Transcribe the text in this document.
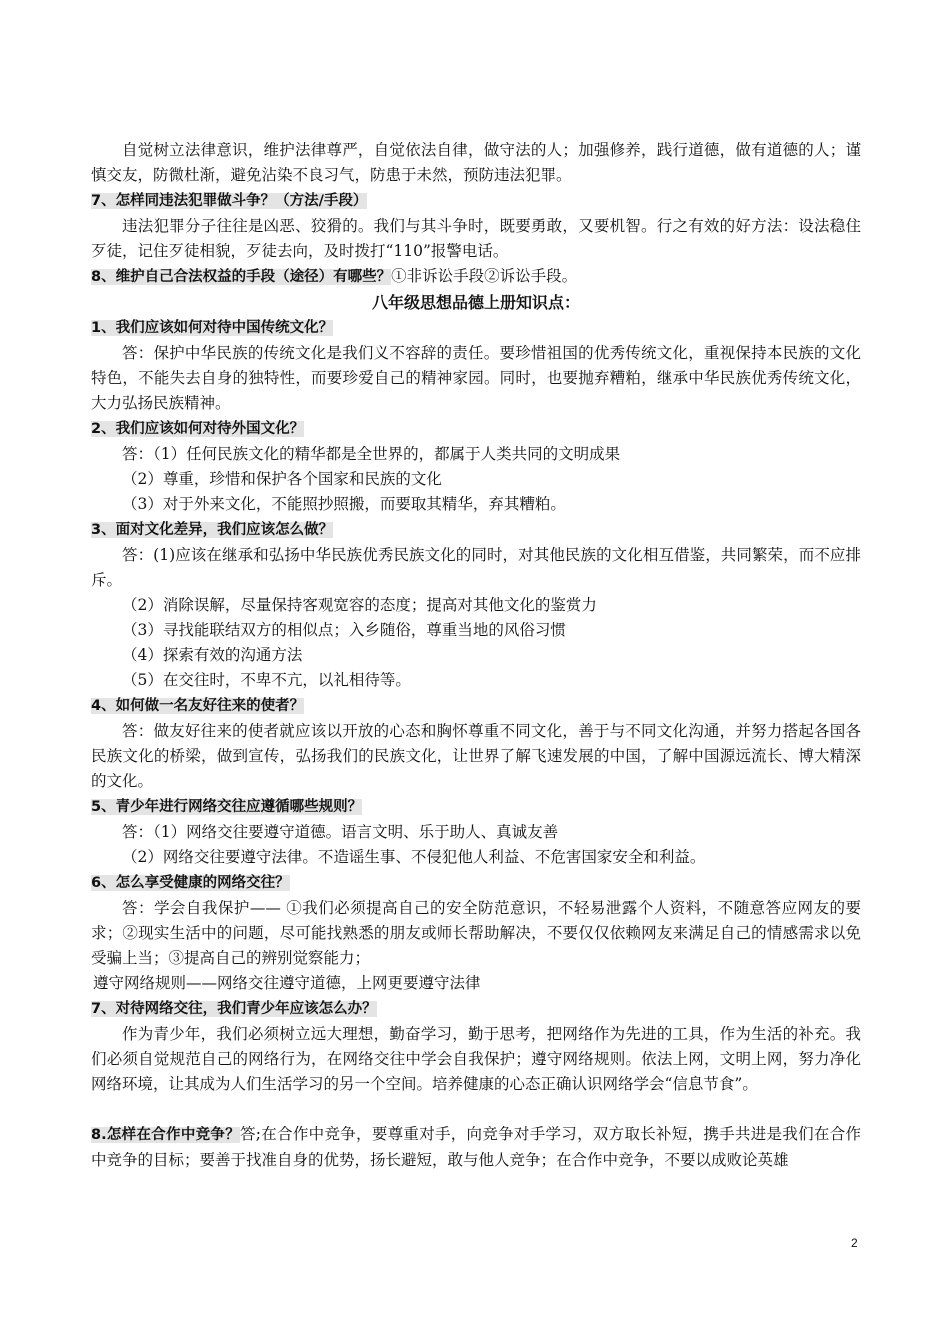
自觉树立法律意识，维护法律尊严，自觉依法自律，做守法的人；加强修养，践行道德，做有道德的人；谨慎交友，防微杜渐，避免沾染不良习气，防患于未然，预防违法犯罪。

7、怎样同违法犯罪做斗争？（方法/手段）

违法犯罪分子往往是凶恶、狡猾的。我们与其斗争时，既要勇敢，又要机智。行之有效的好方法：设法稳住歹徒，记住歹徒相貌，歹徒去向，及时拨打“110”报警电话。

8、维护自己合法权益的手段（途径）有哪些？①非诉讼手段②诉讼手段。

八年级思想品德上册知识点：

1、我们应该如何对待中国传统文化？

答：保护中华民族的传统文化是我们义不容辞的责任。要珍惜祖国的优秀传统文化，重视保持本民族的文化特色，不能失去自身的独特性，而要珍爱自己的精神家园。同时，也要抛弃糟粕，继承中华民族优秀传统文化，大力弘扬民族精神。

2、我们应该如何对待外国文化？

答：（1）任何民族文化的精华都是全世界的，都属于人类共同的文明成果

（2）尊重，珍惜和保护各个国家和民族的文化

（3）对于外来文化，不能照抄照搬，而要取其精华，弃其糟粕。

3、面对文化差异，我们应该怎么做？

答：(1)应该在继承和弘扬中华民族优秀民族文化的同时，对其他民族的文化相互借鉴，共同繁荣，而不应排斥。

（2）消除误解，尽量保持客观宽容的态度；提高对其他文化的鉴赏力

（3）寻找能联结双方的相似点；入乡随俗，尊重当地的风俗习惯

（4）探索有效的沟通方法

（5）在交往时，不卑不亢，以礼相待等。

4、如何做一名友好往来的使者？

答：做友好往来的使者就应该以开放的心态和胸怀尊重不同文化，善于与不同文化沟通，并努力搭起各国各民族文化的桥梁，做到宣传，弘扬我们的民族文化，让世界了解飞速发展的中国，了解中国源远流长、博大精深的文化。

5、青少年进行网络交往应遵循哪些规则？

答：（1）网络交往要遵守道德。语言文明、乐于助人、真诚友善

（2）网络交往要遵守法律。不造谣生事、不侵犯他人利益、不危害国家安全和利益。

6、怎么享受健康的网络交往？

答：学会自我保护—— ①我们必须提高自己的安全防范意识，不轻易泄露个人资料，不随意答应网友的要求；②现实生活中的问题，尽可能找熟悉的朋友或师长帮助解决，不要仅仅依赖网友来满足自己的情感需求以免受骗上当；③提高自己的辨别觉察能力；

遵守网络规则——网络交往遵守道德，上网更要遵守法律

7、对待网络交往，我们青少年应该怎么办？

作为青少年，我们必须树立远大理想，勤奋学习，勤于思考，把网络作为先进的工具，作为生活的补充。我们必须自觉规范自己的网络行为，在网络交往中学会自我保护；遵守网络规则。依法上网，文明上网，努力净化网络环境，让其成为人们生活学习的另一个空间。培养健康的心态正确认识网络学会“信息节食”。

8.怎样在合作中竞争？答;在合作中竞争，要尊重对手，向竞争对手学习，双方取长补短，携手共进是我们在合作中竞争的目标；要善于找准自身的优势，扬长避短，敢与他人竞争；在合作中竞争，不要以成败论英雄

2
